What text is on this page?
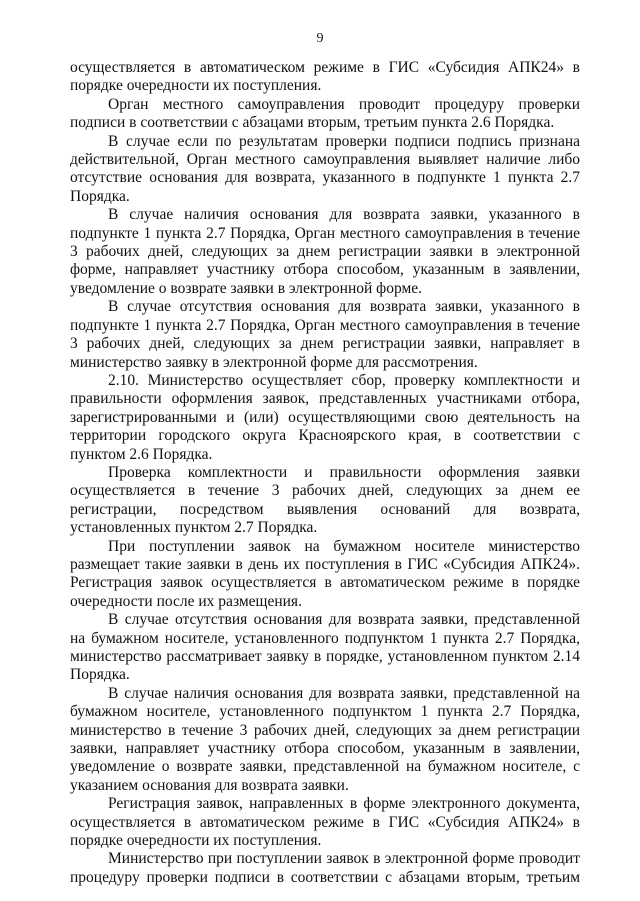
9

осуществляется в автоматическом режиме в ГИС «Субсидия АПК24» в порядке очередности их поступления.

Орган местного самоуправления проводит процедуру проверки подписи в соответствии с абзацами вторым, третьим пункта 2.6 Порядка.

В случае если по результатам проверки подписи подпись признана действительной, Орган местного самоуправления выявляет наличие либо отсутствие основания для возврата, указанного в подпункте 1 пункта 2.7 Порядка.

В случае наличия основания для возврата заявки, указанного в подпункте 1 пункта 2.7 Порядка, Орган местного самоуправления в течение 3 рабочих дней, следующих за днем регистрации заявки в электронной форме, направляет участнику отбора способом, указанным в заявлении, уведомление о возврате заявки в электронной форме.

В случае отсутствия основания для возврата заявки, указанного в подпункте 1 пункта 2.7 Порядка, Орган местного самоуправления в течение 3 рабочих дней, следующих за днем регистрации заявки, направляет в министерство заявку в электронной форме для рассмотрения.

2.10. Министерство осуществляет сбор, проверку комплектности и правильности оформления заявок, представленных участниками отбора, зарегистрированными и (или) осуществляющими свою деятельность на территории городского округа Красноярского края, в соответствии с пунктом 2.6 Порядка.

Проверка комплектности и правильности оформления заявки осуществляется в течение 3 рабочих дней, следующих за днем ее регистрации, посредством выявления оснований для возврата, установленных пунктом 2.7 Порядка.

При поступлении заявок на бумажном носителе министерство размещает такие заявки в день их поступления в ГИС «Субсидия АПК24». Регистрация заявок осуществляется в автоматическом режиме в порядке очередности после их размещения.

В случае отсутствия основания для возврата заявки, представленной на бумажном носителе, установленного подпунктом 1 пункта 2.7 Порядка, министерство рассматривает заявку в порядке, установленном пунктом 2.14 Порядка.

В случае наличия основания для возврата заявки, представленной на бумажном носителе, установленного подпунктом 1 пункта 2.7 Порядка, министерство в течение 3 рабочих дней, следующих за днем регистрации заявки, направляет участнику отбора способом, указанным в заявлении, уведомление о возврате заявки, представленной на бумажном носителе, с указанием основания для возврата заявки.

Регистрация заявок, направленных в форме электронного документа, осуществляется в автоматическом режиме в ГИС «Субсидия АПК24» в порядке очередности их поступления.

Министерство при поступлении заявок в электронной форме проводит процедуру проверки подписи в соответствии с абзацами вторым, третьим
